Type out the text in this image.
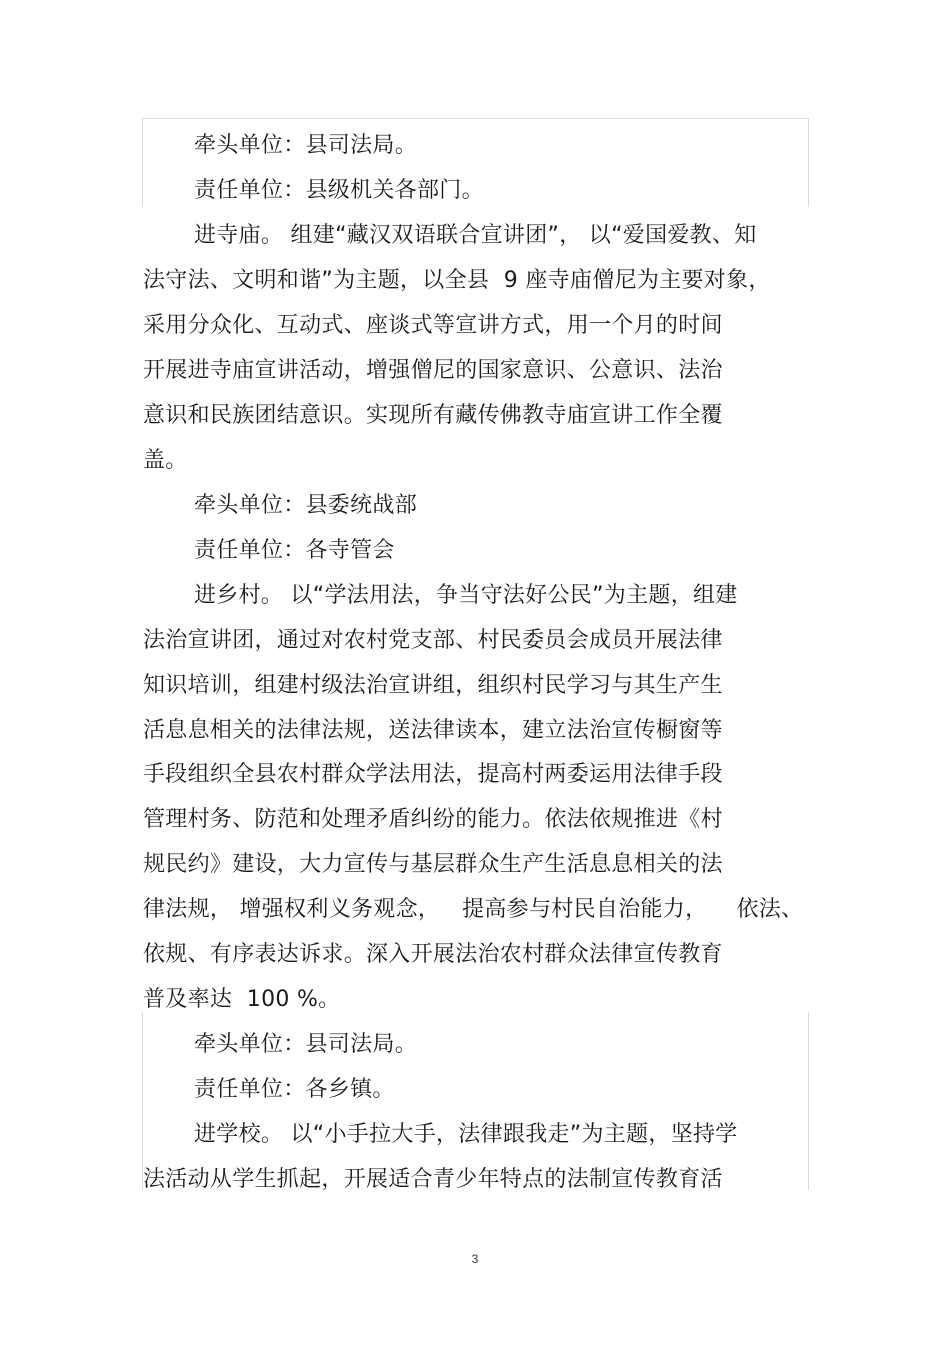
牵头单位：县司法局。
责任单位：县级机关各部门。
进寺庙。 组建“藏汉双语联合宣讲团”， 以“爱国爱教、知
法守法、文明和谐”为主题，以全县  9 座寺庙僧尼为主要对象，
采用分众化、互动式、座谈式等宣讲方式，用一个月的时间
开展进寺庙宣讲活动，增强僧尼的国家意识、公意识、法治
意识和民族团结意识。实现所有藏传佛教寺庙宣讲工作全覆
盖。
牵头单位：县委统战部
责任单位：各寺管会
进乡村。 以“学法用法，争当守法好公民”为主题，组建
法治宣讲团，通过对农村党支部、村民委员会成员开展法律
知识培训，组建村级法治宣讲组，组织村民学习与其生产生
活息息相关的法律法规，送法律读本，建立法治宣传橱窗等
手段组织全县农村群众学法用法，提高村两委运用法律手段
管理村务、防范和处理矛盾纠纷的能力。依法依规推进《村
规民约》建设，大力宣传与基层群众生产生活息息相关的法
律法规， 增强权利义务观念，   提高参与村民自治能力，    依法、
依规、有序表达诉求。深入开展法治农村群众法律宣传教育
普及率达  100 %。
牵头单位：县司法局。
责任单位：各乡镇。
进学校。 以“小手拉大手，法律跟我走”为主题，坚持学
法活动从学生抓起，开展适合青少年特点的法制宣传教育活
3
